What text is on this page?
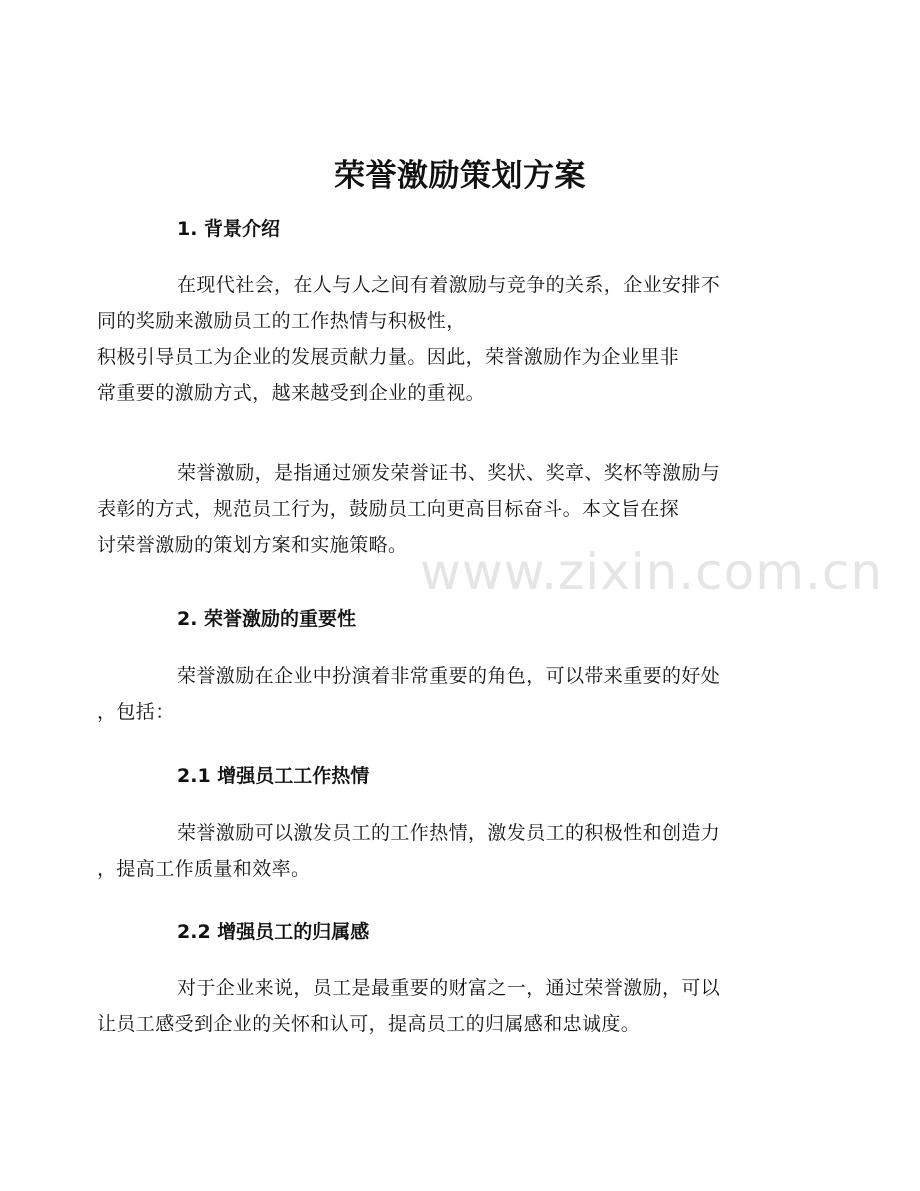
www.zixin.com.cn
荣誉激励策划方案
1. 背景介绍
在现代社会，在人与人之间有着激励与竞争的关系，企业安排不
同的奖励来激励员工的工作热情与积极性，
积极引导员工为企业的发展贡献力量。因此，荣誉激励作为企业里非
常重要的激励方式，越来越受到企业的重视。
荣誉激励，是指通过颁发荣誉证书、奖状、奖章、奖杯等激励与
表彰的方式，规范员工行为，鼓励员工向更高目标奋斗。本文旨在探
讨荣誉激励的策划方案和实施策略。
2. 荣誉激励的重要性
荣誉激励在企业中扮演着非常重要的角色，可以带来重要的好处
，包括：
2.1 增强员工工作热情
荣誉激励可以激发员工的工作热情，激发员工的积极性和创造力
，提高工作质量和效率。
2.2 增强员工的归属感
对于企业来说，员工是最重要的财富之一，通过荣誉激励，可以
让员工感受到企业的关怀和认可，提高员工的归属感和忠诚度。
